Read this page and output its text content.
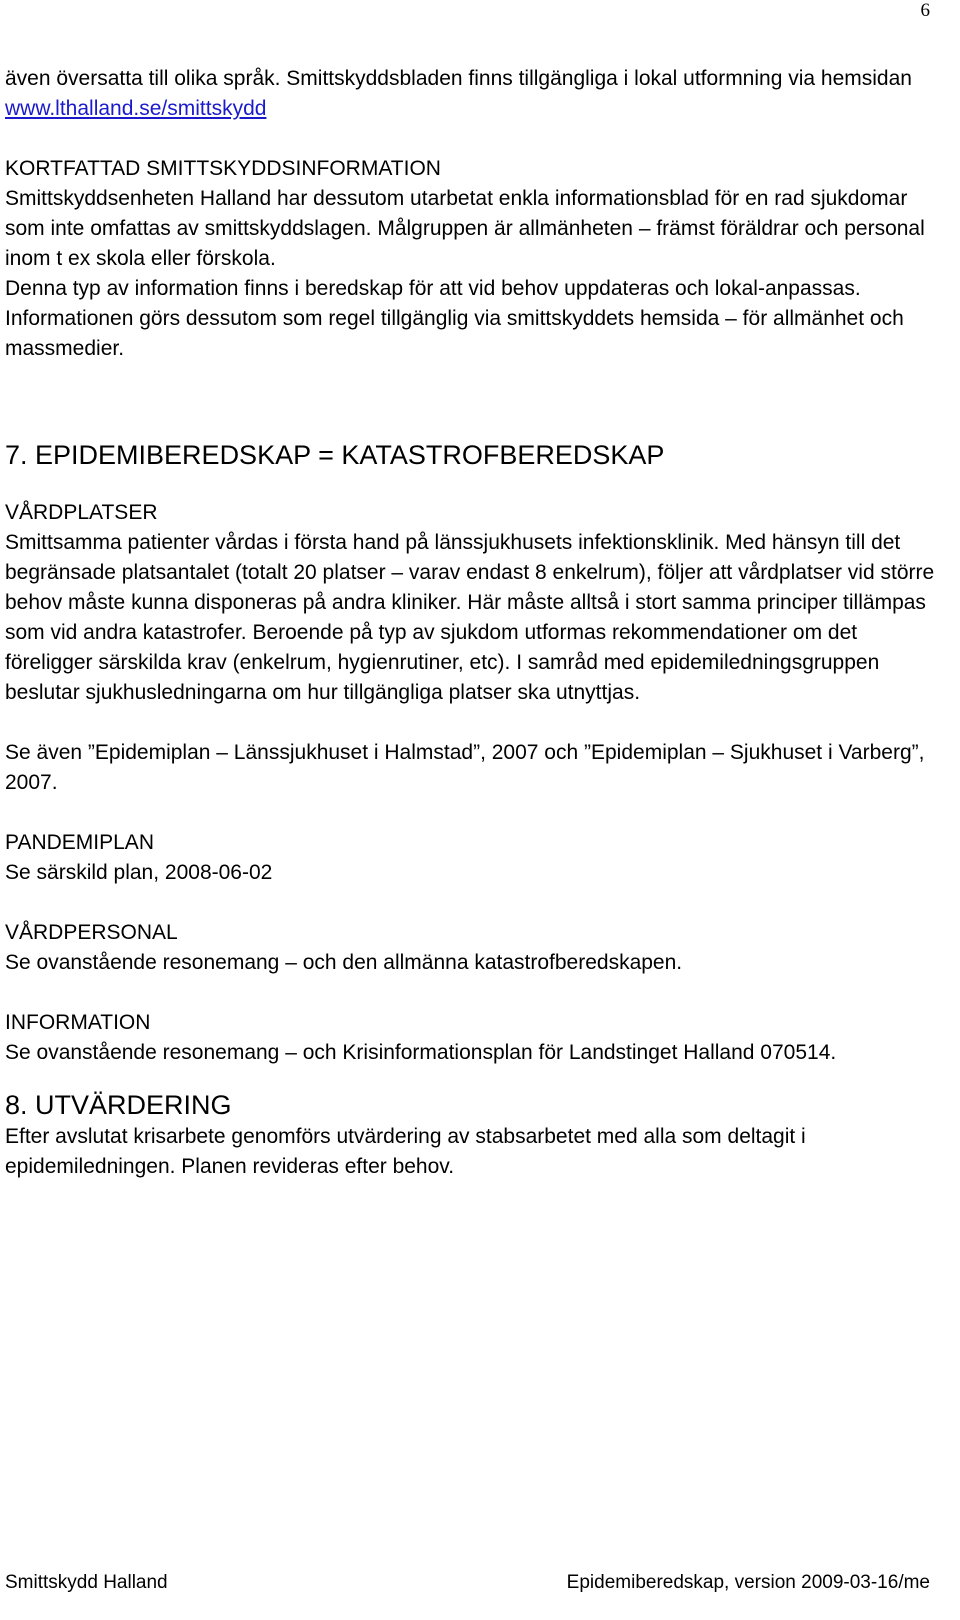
6

även översatta till olika språk. Smittskyddsbladen finns tillgängliga i lokal utformning via hemsidan www.lthalland.se/smittskydd

KORTFATTAD SMITTSKYDDSINFORMATION

Smittskyddsenheten Halland har dessutom utarbetat enkla informationsblad för en rad sjukdomar som inte omfattas av smittskyddslagen. Målgruppen är allmänheten – främst föräldrar och personal inom t ex skola eller förskola.

Denna typ av information finns i beredskap för att vid behov uppdateras och lokal-anpassas. Informationen görs dessutom som regel tillgänglig via smittskyddets hemsida – för allmänhet och massmedier.

7. EPIDEMIBEREDSKAP = KATASTROFBEREDSKAP
VÅRDPLATSER

Smittsamma patienter vårdas i första hand på länssjukhusets infektionsklinik. Med hänsyn till det begränsade platsantalet (totalt 20 platser – varav endast 8 enkelrum), följer att vårdplatser vid större behov måste kunna disponeras på andra kliniker. Här måste alltså i stort samma principer tillämpas som vid andra katastrofer. Beroende på typ av sjukdom utformas rekommendationer om det föreligger särskilda krav (enkelrum, hygienrutiner, etc). I samråd med epidemiledningsgruppen beslutar sjukhusledningarna om hur tillgängliga platser ska utnyttjas.

Se även ”Epidemiplan – Länssjukhuset i Halmstad”, 2007 och ”Epidemiplan – Sjukhuset i Varberg”, 2007.

PANDEMIPLAN

Se särskild plan, 2008-06-02

VÅRDPERSONAL

Se ovanstående resonemang – och den allmänna katastrofberedskapen.

INFORMATION

Se ovanstående resonemang – och Krisinformationsplan för Landstinget Halland 070514.

8. UTVÄRDERING

Efter avslutat krisarbete genomförs utvärdering av stabsarbetet med alla som deltagit i epidemiledningen. Planen revideras efter behov.

Smittskydd Halland	Epidemiberedskap, version 2009-03-16/me
